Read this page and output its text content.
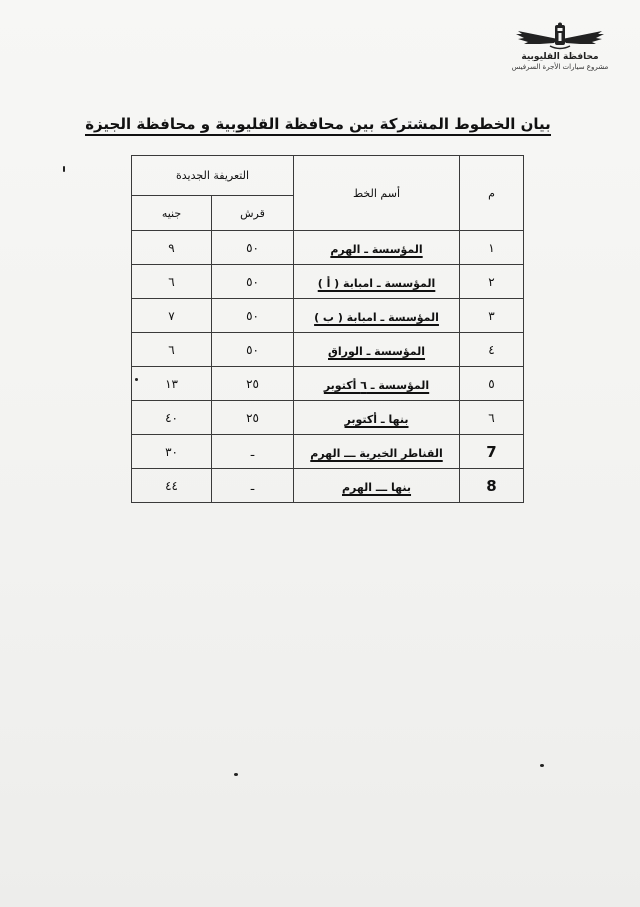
محافظة القليوبية
مشروع سيارات الأجرة السرفيس
بيان الخطوط المشتركة بين محافظة القليوبية و محافظة الجيزة
م	أسم الخط	التعريفة الجديدة	
		قرش	جنيه
١	المؤسسة ـ الهرم	٥٠	٩
٢	المؤسسة ـ امبابة ( أ )	٥٠	٦
٣	المؤسسة ـ امبابة ( ب )	٥٠	٧
٤	المؤسسة ـ الوراق	٥٠	٦
٥	المؤسسة ـ ٦ أكتوبر	٢٥	١٣
٦	بنها ـ أكتوبر	٢٥	٤٠
7	القناطر الخيرية ـــ الهرم	ـ	٣٠
8	بنها ـــ الهرم	ـ	٤٤
